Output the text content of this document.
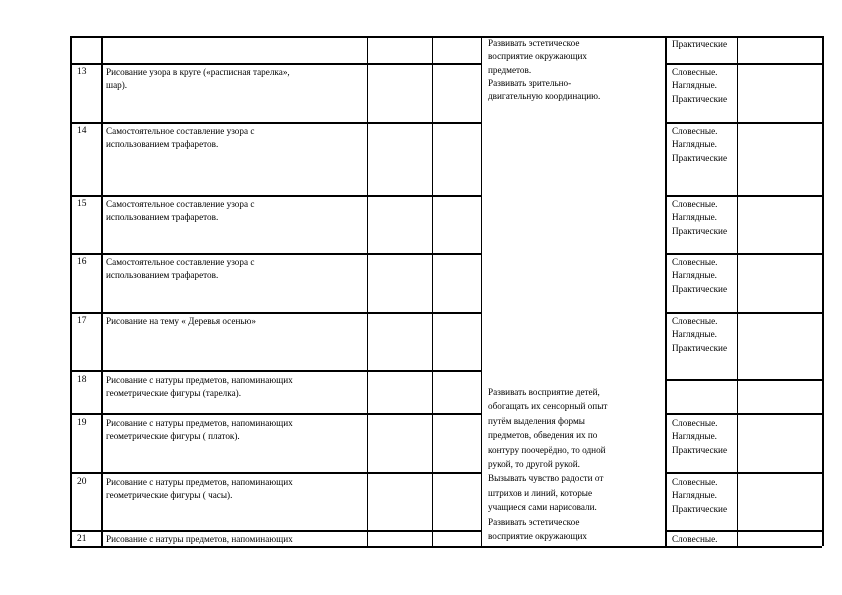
Практические
13 Рисование узора в круге («расписная тарелка»,
шар).
Словесные.
Наглядные.
Практические
14 Самостоятельное составление узора с
использованием трафаретов.
Словесные.
Наглядные.
Практические
15 Самостоятельное составление узора с
использованием трафаретов.
Словесные.
Наглядные.
Практические
16 Самостоятельное составление узора с
использованием трафаретов.
Словесные.
Наглядные.
Практические
17 Рисование на тему « Деревья осенью»	Словесные.
Наглядные.
Практические
18 Рисование с натуры предметов, напоминающих
геометрические фигуры (тарелка).
19 Рисование с натуры предметов, напоминающих
геометрические фигуры ( платок).
Словесные.
Наглядные.
Практические
20 Рисование с натуры предметов, напоминающих
геометрические фигуры ( часы).
Словесные.
Наглядные.
Практические
21 Рисование с натуры предметов, напоминающих	Словесные.
Развивать эстетическое
восприятие окружающих
предметов.
Развивать зрительно-
двигательную координацию.
Развивать восприятие детей,
обогащать их сенсорный опыт
путём выделения формы
предметов, обведения их по
контуру поочерёдно, то одной
рукой, то другой рукой.
Вызывать чувство радости от
штрихов и линий, которые
учащиеся сами нарисовали.
Развивать эстетическое
восприятие окружающих
